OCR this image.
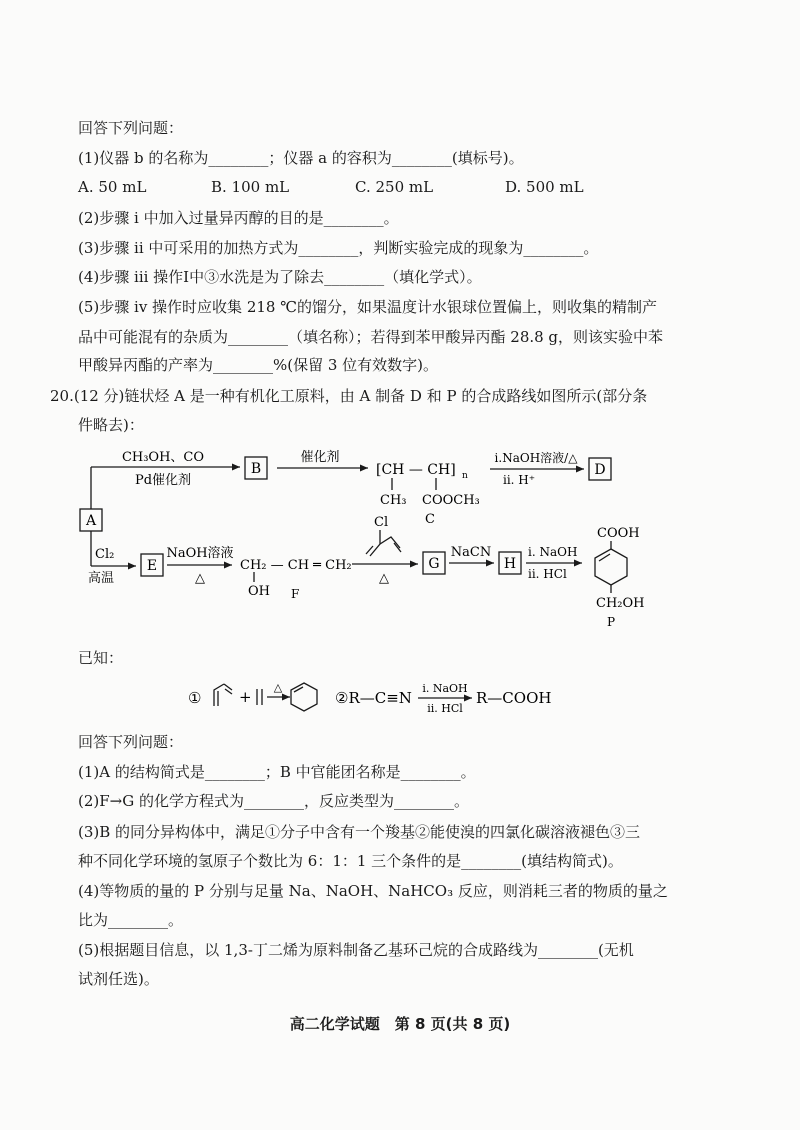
回答下列问题：
(1)仪器 b 的名称为________；仪器 a 的容积为________(填标号)。
A. 50 mL	B. 100 mL	C. 250 mL	D. 500 mL
(2)步骤 i 中加入过量异丙醇的目的是________。
(3)步骤 ii 中可采用的加热方式为________，判断实验完成的现象为________。
(4)步骤 iii 操作Ⅰ中③水洗是为了除去________（填化学式）。
(5)步骤 iv 操作时应收集 218 ℃的馏分，如果温度计水银球位置偏上，则收集的精制产
品中可能混有的杂质为________（填名称）；若得到苯甲酸异丙酯 28.8 g，则该实验中苯
甲酸异丙酯的产率为________%(保留 3 位有效数字)。
20.(12 分)链状烃 A 是一种有机化工原料，由 A 制备 D 和 P 的合成路线如图所示(部分条
件略去)：
A
CH₃OH、CO
Pd催化剂
B
催化剂
[CH — CH] n
CH₃ COOCH₃
C
i.NaOH溶液/△
ii. H⁺
D
Cl₂
高温
E
NaOH溶液
△
CH₂ — CH ═ CH₂
OH F
Cl
△
G
NaCN
H
i. NaOH
ii. HCl
COOH
CH₂OH
P
已知：
①	+
△
②R—C≡N
ⅰ. NaOH
ⅱ. HCl
R—COOH
回答下列问题：
(1)A 的结构简式是________；B 中官能团名称是________。
(2)F→G 的化学方程式为________，反应类型为________。
(3)B 的同分异构体中，满足①分子中含有一个羧基②能使溴的四氯化碳溶液褪色③三
种不同化学环境的氢原子个数比为 6：1：1 三个条件的是________(填结构简式)。
(4)等物质的量的 P 分别与足量 Na、NaOH、NaHCO₃ 反应，则消耗三者的物质的量之
比为________。
(5)根据题目信息，以 1,3-丁二烯为原料制备乙基环己烷的合成路线为________(无机
试剂任选)。
高二化学试题　第 8 页(共 8 页)
